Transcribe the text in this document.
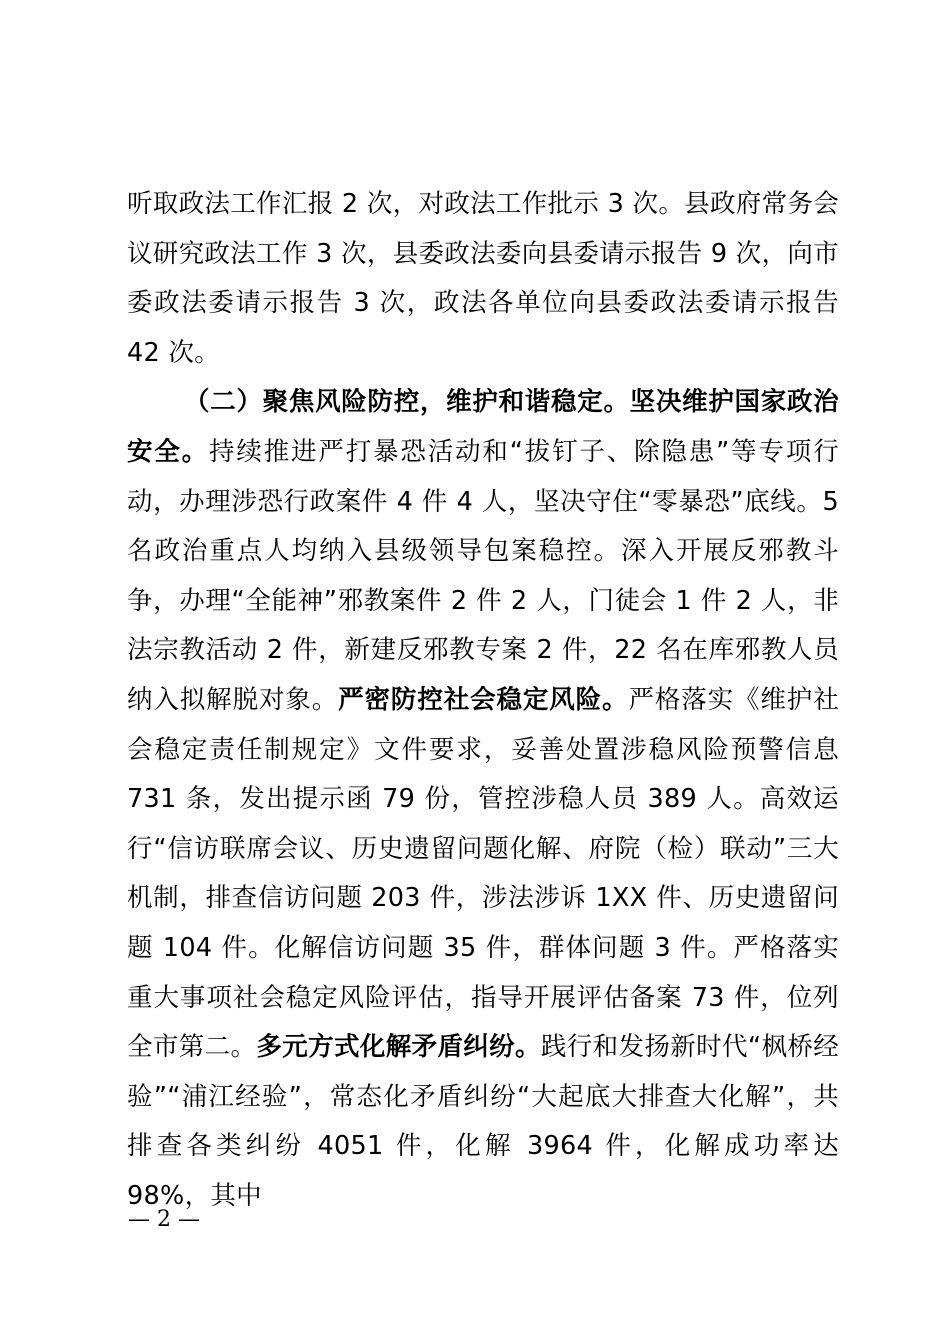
听取政法工作汇报 2 次，对政法工作批示 3 次。县政府常务会议研究政法工作 3 次，县委政法委向县委请示报告 9 次，向市委政法委请示报告 3 次，政法各单位向县委政法委请示报告 42 次。

（二）聚焦风险防控，维护和谐稳定。坚决维护国家政治安全。持续推进严打暴恐活动和“拔钉子、除隐患”等专项行动，办理涉恐行政案件 4 件 4 人，坚决守住“零暴恐”底线。5 名政治重点人均纳入县级领导包案稳控。深入开展反邪教斗争，办理“全能神”邪教案件 2 件 2 人，门徒会 1 件 2 人，非法宗教活动 2 件，新建反邪教专案 2 件，22 名在库邪教人员纳入拟解脱对象。严密防控社会稳定风险。严格落实《维护社会稳定责任制规定》文件要求，妥善处置涉稳风险预警信息 731 条，发出提示函 79 份，管控涉稳人员 389 人。高效运行“信访联席会议、历史遗留问题化解、府院（检）联动”三大机制，排查信访问题 203 件，涉法涉诉 1XX 件、历史遗留问题 104 件。化解信访问题 35 件，群体问题 3 件。严格落实重大事项社会稳定风险评估，指导开展评估备案 73 件，位列全市第二。多元方式化解矛盾纠纷。践行和发扬新时代“枫桥经验”“浦江经验”，常态化矛盾纠纷“大起底大排查大化解”，共排查各类纠纷 4051 件，化解 3964 件，化解成功率达 98%，其中

— 2 —
